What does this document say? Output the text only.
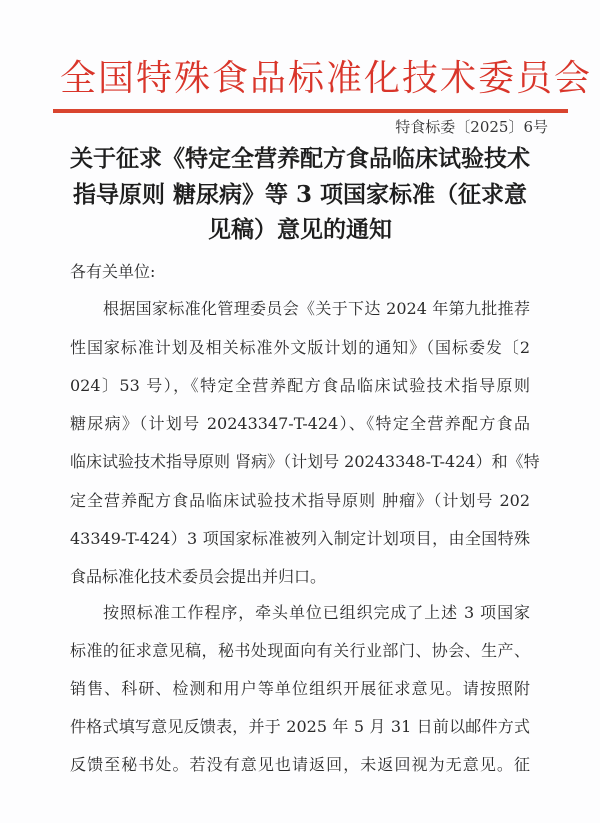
全国特殊食品标准化技术委员会
特食标委〔2025〕6号
关于征求《特定全营养配方食品临床试验技术
指导原则 糖尿病》等 3 项国家标准（征求意
见稿）意见的通知
各有关单位:
根据国家标准化管理委员会《关于下达 2024 年第九批推荐
性国家标准计划及相关标准外文版计划的通知》（国标委发〔2
024〕53 号），《特定全营养配方食品临床试验技术指导原则
糖尿病》（计划号 20243347-T-424）、《特定全营养配方食品
临床试验技术指导原则 肾病》（计划号 20243348-T-424）和《特
定全营养配方食品临床试验技术指导原则 肿瘤》（计划号 202
43349-T-424）3 项国家标准被列入制定计划项目，由全国特殊
食品标准化技术委员会提出并归口。
按照标准工作程序，牵头单位已组织完成了上述 3 项国家
标准的征求意见稿，秘书处现面向有关行业部门、协会、生产、
销售、科研、检测和用户等单位组织开展征求意见。请按照附
件格式填写意见反馈表，并于 2025 年 5 月 31 日前以邮件方式
反馈至秘书处。若没有意见也请返回，未返回视为无意见。征
